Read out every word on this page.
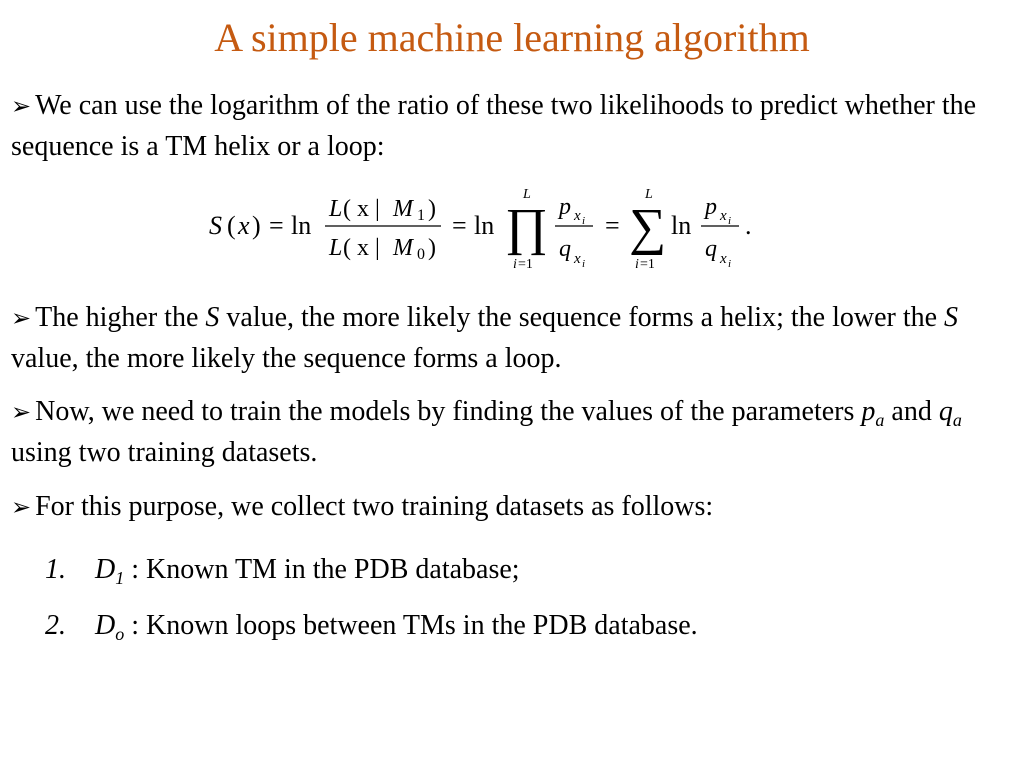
A simple machine learning algorithm
➢ We can use the logarithm of the ratio of these two likelihoods to predict whether the sequence is a TM helix or a loop:
S ( x ) = ln
L ( x | M 1 )
L ( x | M 0 )
= ln
L
∏
i =1
p x i
q x i
=
L
∑
i =1
ln
p x i
q x i
.
➢ The higher the S value, the more likely the sequence forms a helix; the lower the S value, the more likely the sequence forms a loop.
➢ Now, we need to train the models by finding the values of the parameters $p_a$ and $q_a$ using two training datasets.
➢ For this purpose, we collect two training datasets as follows:
1. $D_1$ : Known TM in the PDB database;
2. $D_o$ : Known loops between TMs in the PDB database.
